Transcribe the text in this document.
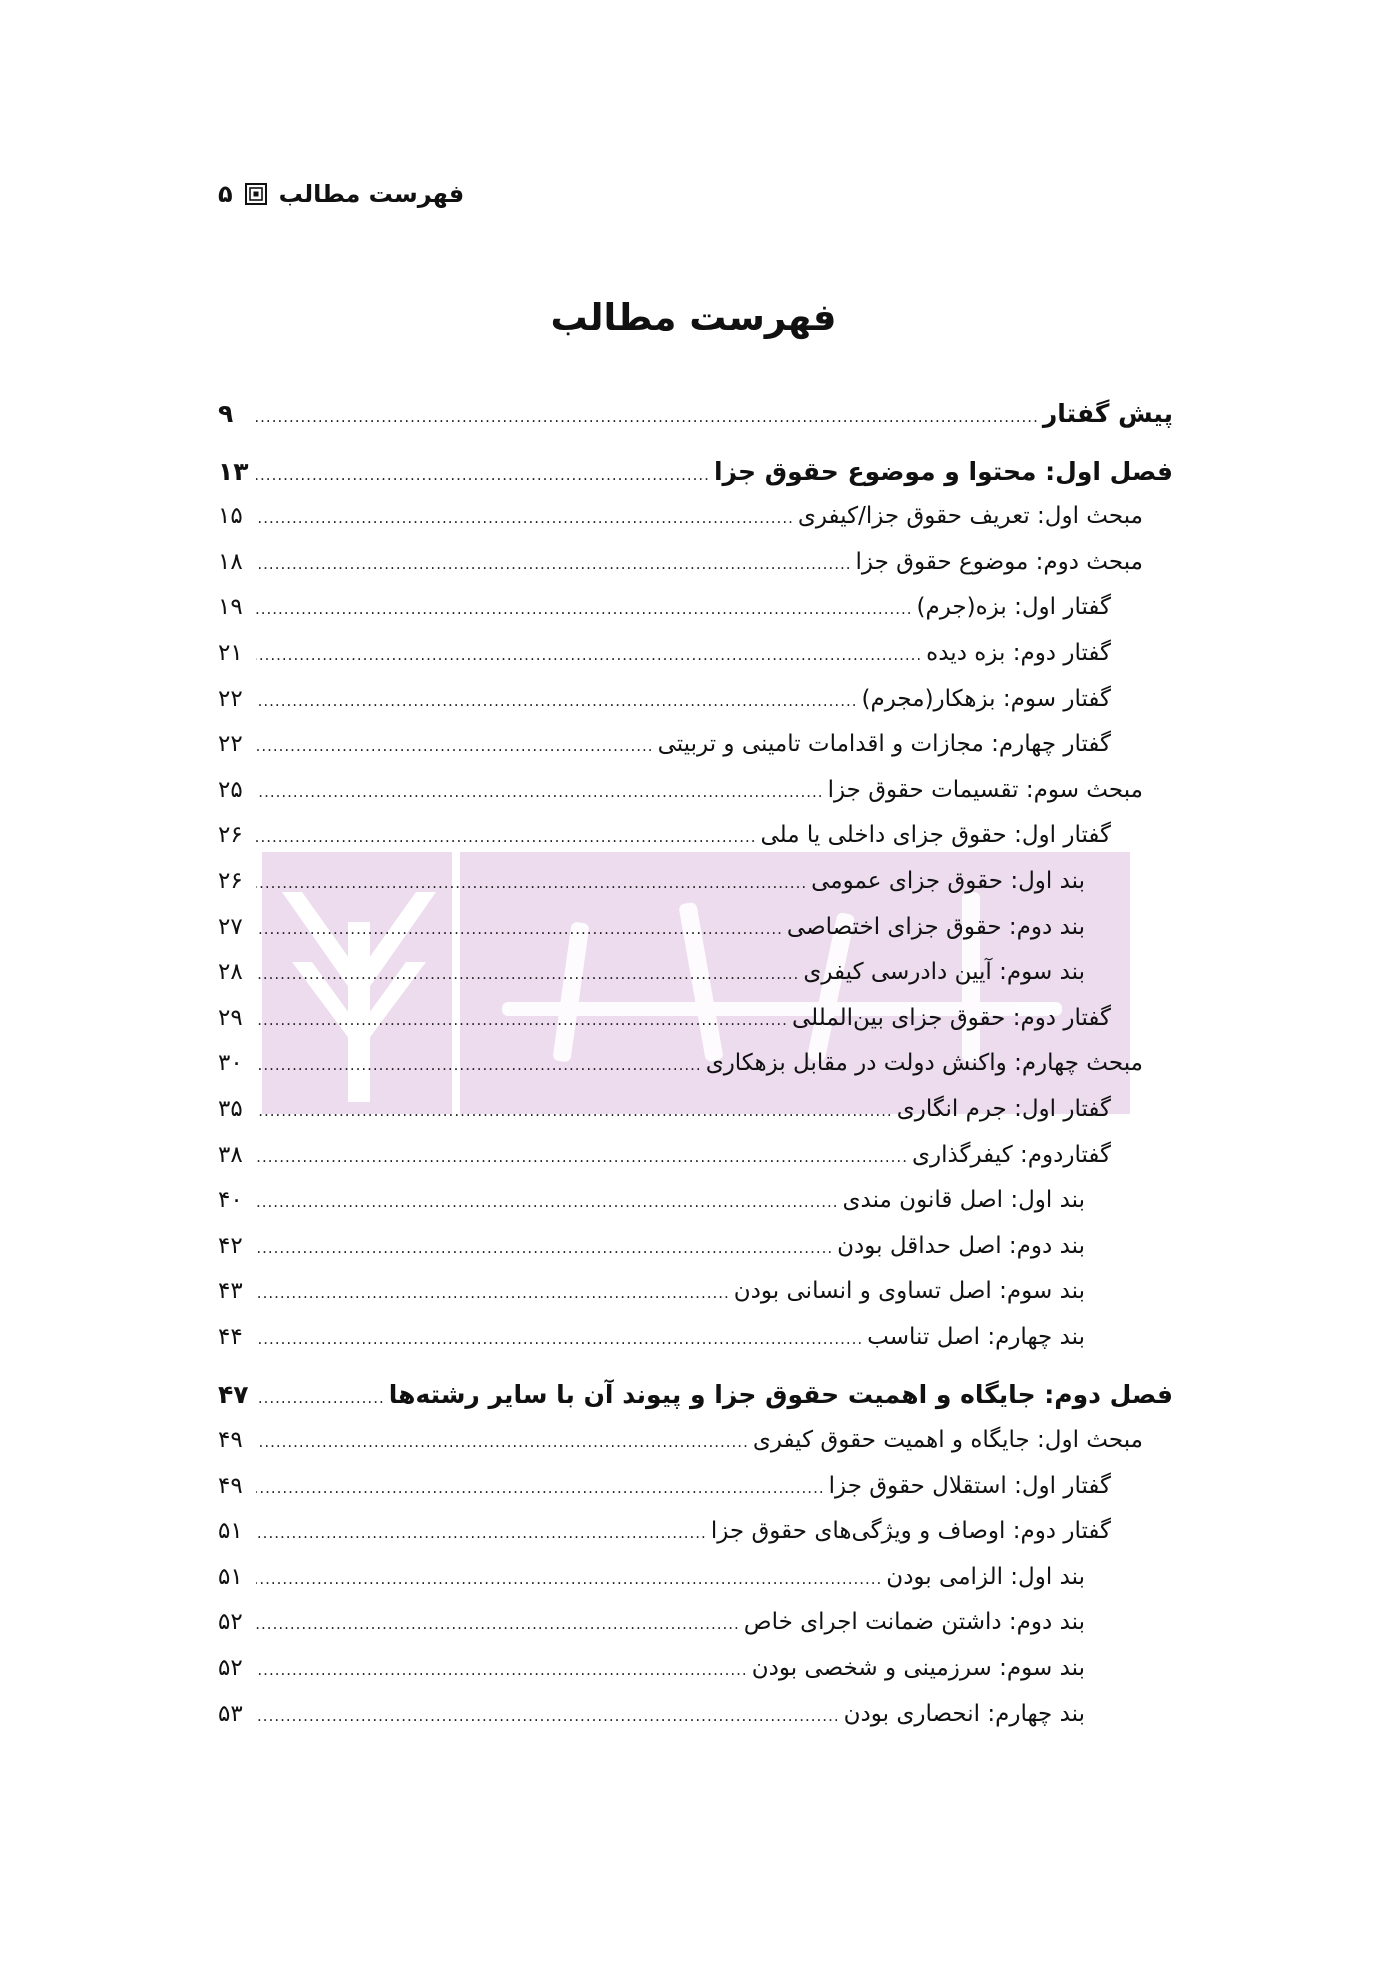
فهرست مطالب
۵
فهرست مطالب
پیش گفتار
.....
۹
فصل اول: محتوا و موضوع حقوق جزا
.....
۱۳
مبحث اول: تعریف حقوق جزا/کیفری
.....
۱۵
مبحث دوم: موضوع حقوق جزا
.....
۱۸
گفتار اول: بزه(جرم)
.....
۱۹
گفتار دوم: بزه دیده
.....
۲۱
گفتار سوم: بزهکار(مجرم)
.....
۲۲
گفتار چهارم: مجازات و اقدامات تامینی و تربیتی
.....
۲۲
مبحث سوم: تقسیمات حقوق جزا
.....
۲۵
گفتار اول: حقوق جزای داخلی یا ملی
.....
۲۶
بند اول: حقوق جزای عمومی
.....
۲۶
بند دوم: حقوق جزای اختصاصی
.....
۲۷
بند سوم: آیین دادرسی کیفری
.....
۲۸
گفتار دوم: حقوق جزای بین‌المللی
.....
۲۹
مبحث چهارم: واکنش دولت در مقابل بزهکاری
.....
۳۰
گفتار اول: جرم انگاری
.....
۳۵
گفتاردوم: کیفرگذاری
.....
۳۸
بند اول: اصل قانون مندی
.....
۴۰
بند دوم: اصل حداقل بودن
.....
۴۲
بند سوم: اصل تساوی و انسانی بودن
.....
۴۳
بند چهارم: اصل تناسب
.....
۴۴
فصل دوم: جایگاه و اهمیت حقوق جزا و پیوند آن با سایر رشته‌ها
.....
۴۷
مبحث اول: جایگاه و اهمیت حقوق کیفری
.....
۴۹
گفتار اول: استقلال حقوق جزا
.....
۴۹
گفتار دوم: اوصاف و ویژگی‌های حقوق جزا
.....
۵۱
بند اول: الزامی بودن
.....
۵۱
بند دوم: داشتن ضمانت اجرای خاص
.....
۵۲
بند سوم: سرزمینی و شخصی بودن
.....
۵۲
بند چهارم: انحصاری بودن
.....
۵۳
